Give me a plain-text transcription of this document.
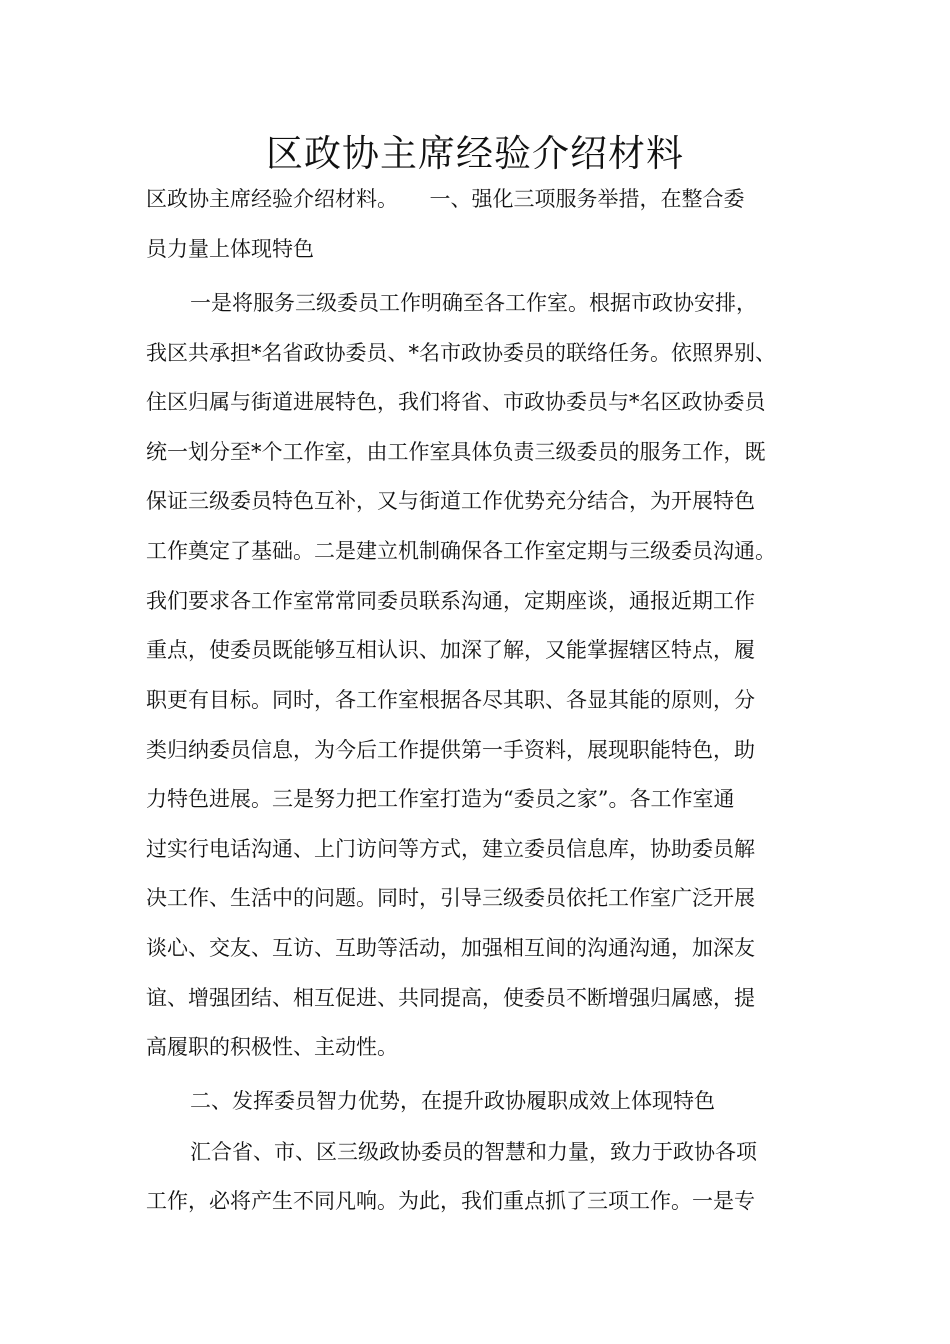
区政协主席经验介绍材料

区政协主席经验介绍材料。　　一、强化三项服务举措，在整合委

员力量上体现特色

一是将服务三级委员工作明确至各工作室。根据市政协安排，

我区共承担*名省政协委员、*名市政协委员的联络任务。依照界别、

住区归属与街道进展特色，我们将省、市政协委员与*名区政协委员

统一划分至*个工作室，由工作室具体负责三级委员的服务工作，既

保证三级委员特色互补，又与街道工作优势充分结合，为开展特色

工作奠定了基础。二是建立机制确保各工作室定期与三级委员沟通。

我们要求各工作室常常同委员联系沟通，定期座谈，通报近期工作

重点，使委员既能够互相认识、加深了解，又能掌握辖区特点，履

职更有目标。同时，各工作室根据各尽其职、各显其能的原则，分

类归纳委员信息，为今后工作提供第一手资料，展现职能特色，助

力特色进展。三是努力把工作室打造为“委员之家”。各工作室通

过实行电话沟通、上门访问等方式，建立委员信息库，协助委员解

决工作、生活中的问题。同时，引导三级委员依托工作室广泛开展

谈心、交友、互访、互助等活动，加强相互间的沟通沟通，加深友

谊、增强团结、相互促进、共同提高，使委员不断增强归属感，提

高履职的积极性、主动性。

二、发挥委员智力优势，在提升政协履职成效上体现特色

汇合省、市、区三级政协委员的智慧和力量，致力于政协各项

工作，必将产生不同凡响。为此，我们重点抓了三项工作。一是专
